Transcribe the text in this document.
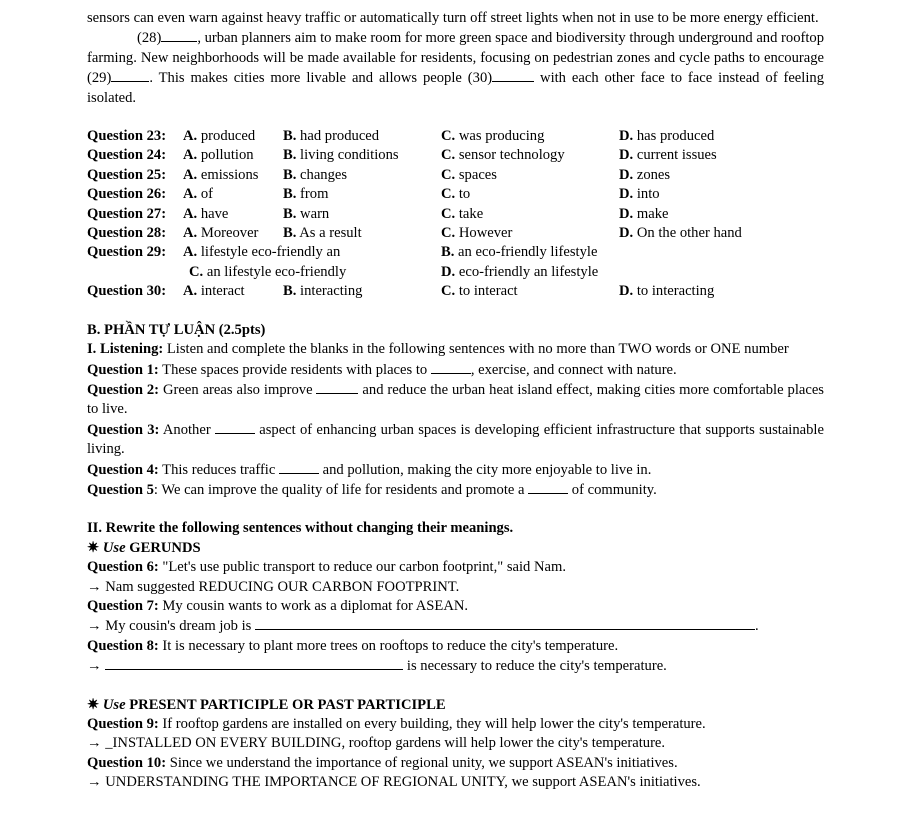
sensors can even warn against heavy traffic or automatically turn off street lights when not in use to be more energy efficient.

(28) , urban planners aim to make room for more green space and biodiversity through underground and rooftop farming. New neighborhoods will be made available for residents, focusing on pedestrian zones and cycle paths to encourage (29)	. This makes cities more livable and allows people (30)	with each other face to face instead of feeling isolated.

Question 23:	A. produced	B. had produced	C. was producing	D. has produced
Question 24:	A. pollution	B. living conditions	C. sensor technology	D. current issues
Question 25:	A. emissions	B. changes	C. spaces	D. zones
Question 26:	A. of	B. from	C. to	D. into
Question 27:	A. have	B. warn	C. take	D. make
Question 28:	A. Moreover	B. As a result	C. However	D. On the other hand
Question 29:	A. lifestyle eco-friendly an	B. an eco-friendly lifestyle
C. an lifestyle eco-friendly	D. eco-friendly an lifestyle
Question 30:	A. interact	B. interacting	C. to interact	D. to interacting

B. PHẦN TỰ LUẬN (2.5pts)

I. Listening: Listen and complete the blanks in the following sentences with no more than TWO words or ONE number

Question 1: These spaces provide residents with places to	, exercise, and connect with nature.

Question 2: Green areas also improve	and reduce the urban heat island effect, making cities more comfortable places to live.

Question 3: Another	aspect of enhancing urban spaces is developing efficient infrastructure that supports sustainable living.

Question 4: This reduces traffic	and pollution, making the city more enjoyable to live in.

Question 5: We can improve the quality of life for residents and promote a	of community.

II. Rewrite the following sentences without changing their meanings.

✷ Use GERUNDS

Question 6: "Let's use public transport to reduce our carbon footprint," said Nam.

→ Nam suggested REDUCING OUR CARBON FOOTPRINT.

Question 7: My cousin wants to work as a diplomat for ASEAN.

→ My cousin's dream job is	.

Question 8: It is necessary to plant more trees on rooftops to reduce the city's temperature.

→	is necessary to reduce the city's temperature.

✷ Use PRESENT PARTICIPLE OR PAST PARTICIPLE

Question 9: If rooftop gardens are installed on every building, they will help lower the city's temperature.

→ _INSTALLED ON EVERY BUILDING, rooftop gardens will help lower the city's temperature.

Question 10: Since we understand the importance of regional unity, we support ASEAN's initiatives.

→ UNDERSTANDING THE IMPORTANCE OF REGIONAL UNITY, we support ASEAN's initiatives.
